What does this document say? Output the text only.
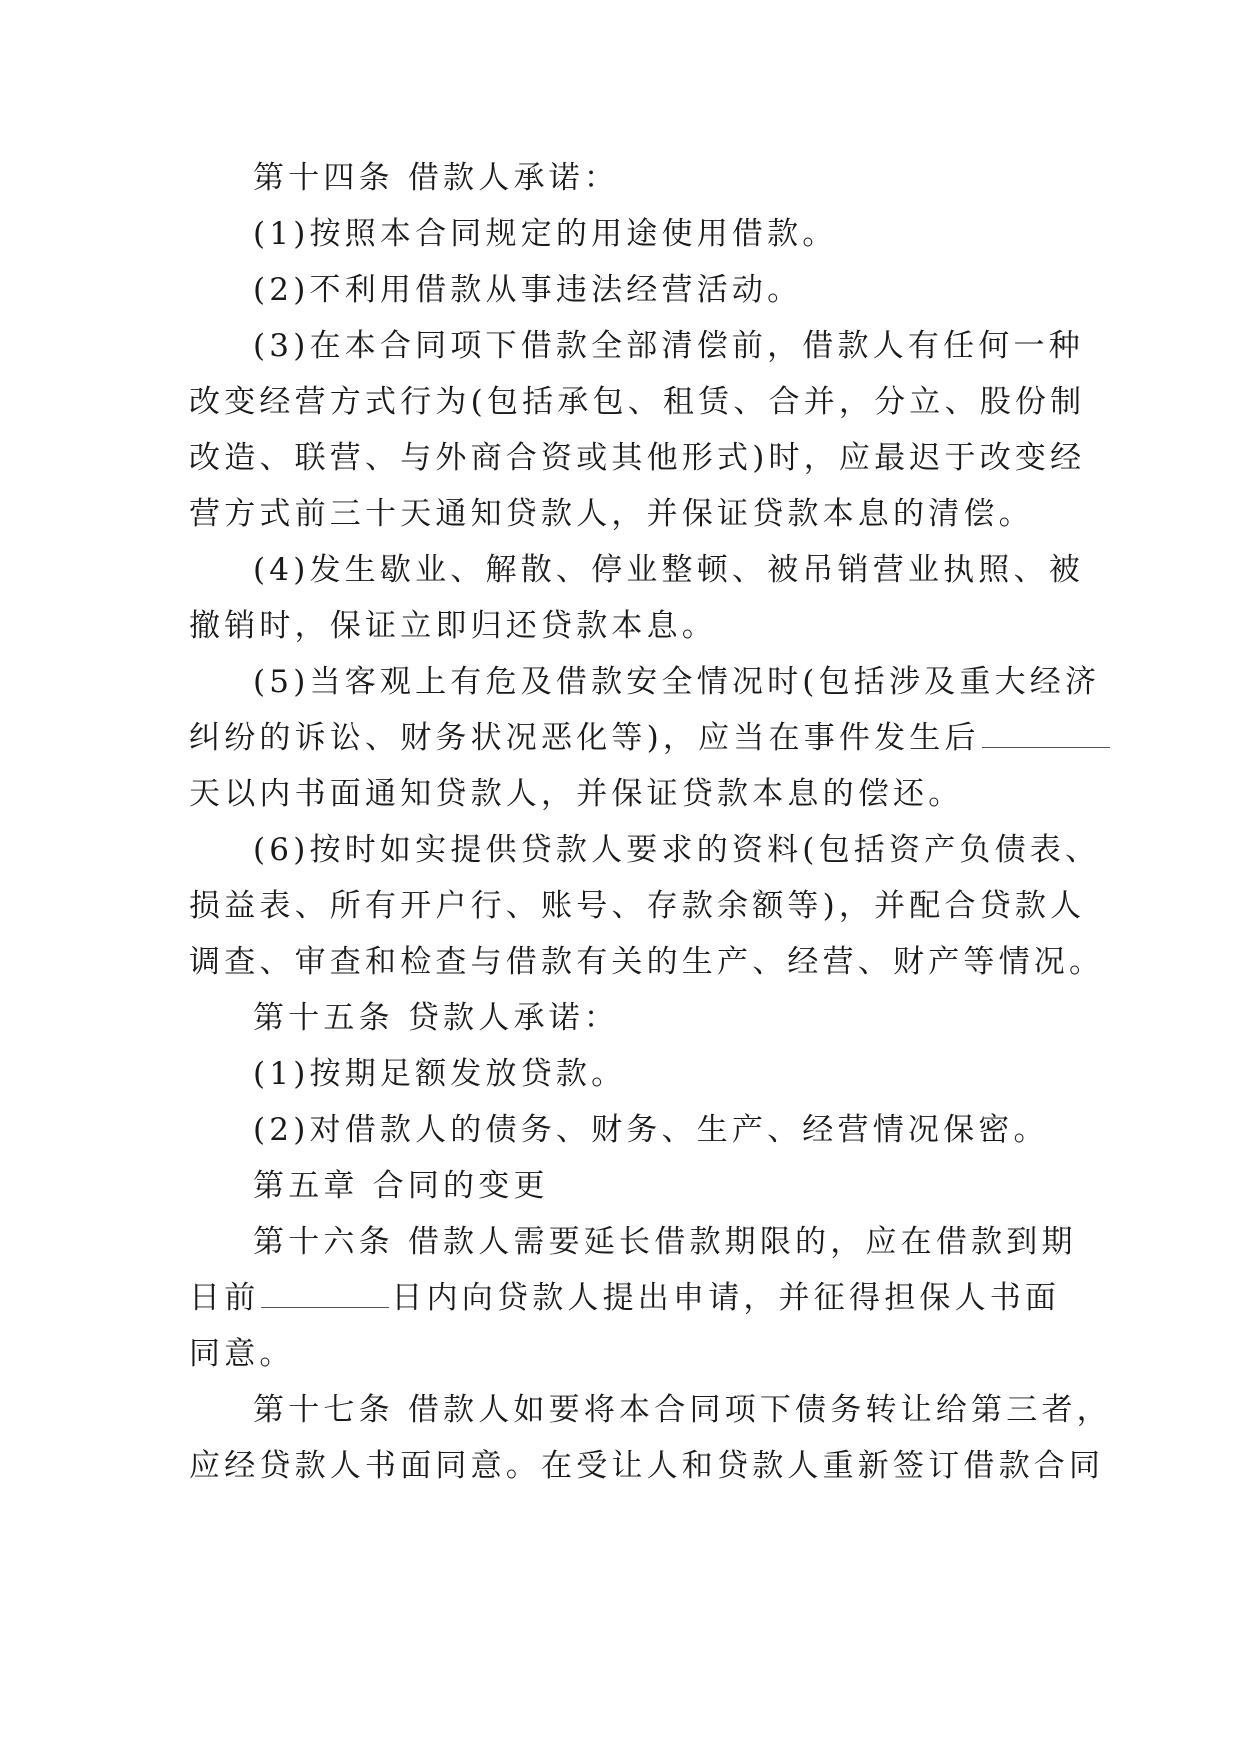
第十四条 借款人承诺：
(1)按照本合同规定的用途使用借款。
(2)不利用借款从事违法经营活动。
(3)在本合同项下借款全部清偿前，借款人有任何一种
改变经营方式行为(包括承包、租赁、合并，分立、股份制
改造、联营、与外商合资或其他形式)时，应最迟于改变经
营方式前三十天通知贷款人，并保证贷款本息的清偿。
(4)发生歇业、解散、停业整顿、被吊销营业执照、被
撤销时，保证立即归还贷款本息。
(5)当客观上有危及借款安全情况时(包括涉及重大经济
纠纷的诉讼、财务状况恶化等)，应当在事件发生后
天以内书面通知贷款人，并保证贷款本息的偿还。
(6)按时如实提供贷款人要求的资料(包括资产负债表、
损益表、所有开户行、账号、存款余额等)，并配合贷款人
调查、审查和检查与借款有关的生产、经营、财产等情况。
第十五条 贷款人承诺：
(1)按期足额发放贷款。
(2)对借款人的债务、财务、生产、经营情况保密。
第五章 合同的变更
第十六条 借款人需要延长借款期限的，应在借款到期
日前	日内向贷款人提出申请，并征得担保人书面
同意。
第十七条 借款人如要将本合同项下债务转让给第三者，
应经贷款人书面同意。在受让人和贷款人重新签订借款合同
